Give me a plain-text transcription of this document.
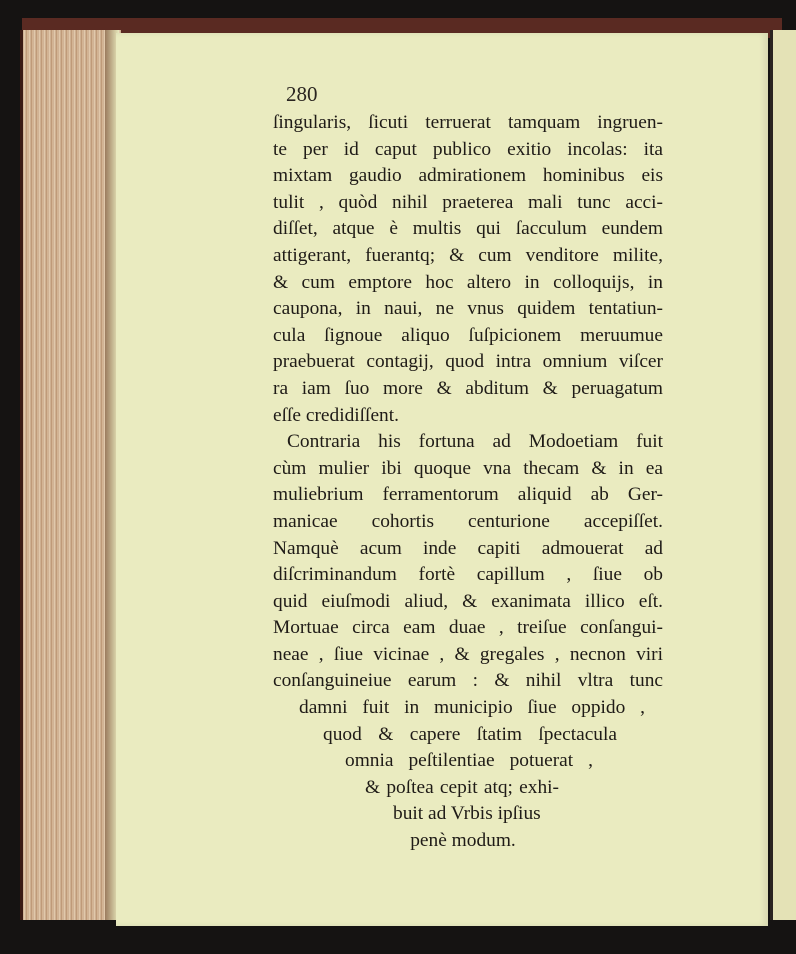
280
ſingularis, ſicuti terruerat tamquam ingruen-
te per id caput publico exitio incolas: ita
mixtam gaudio admirationem hominibus eis
tulit , quòd nihil praeterea mali tunc acci-
diſſet, atque è multis qui ſacculum eundem
attigerant, fuerantq; & cum venditore milite,
& cum emptore hoc altero in colloquijs, in
caupona, in naui, ne vnus quidem tentatiun-
cula ſignoue aliquo ſuſpicionem meruumue
praebuerat contagij, quod intra omnium viſcer
ra iam ſuo more & abditum & peruagatum
eſſe credidiſſent.
Contraria his fortuna ad Modoetiam fuit
cùm mulier ibi quoque vna thecam & in ea
muliebrium ferramentorum aliquid ab Ger-
manicae cohortis centurione accepiſſet.
Namquè acum inde capiti admouerat ad
diſcriminandum fortè capillum , ſiue ob
quid eiuſmodi aliud, & exanimata illico eſt.
Mortuae circa eam duae , treiſue conſangui-
neae , ſiue vicinae , & gregales , necnon viri
conſanguineiue earum : & nihil vltra tunc
damni fuit in municipio ſiue oppido ,
quod & capere ſtatim ſpectacula
omnia peſtilentiae potuerat ,
& poſtea cepit atq; exhi-
buit ad Vrbis ipſius
penè modum.
